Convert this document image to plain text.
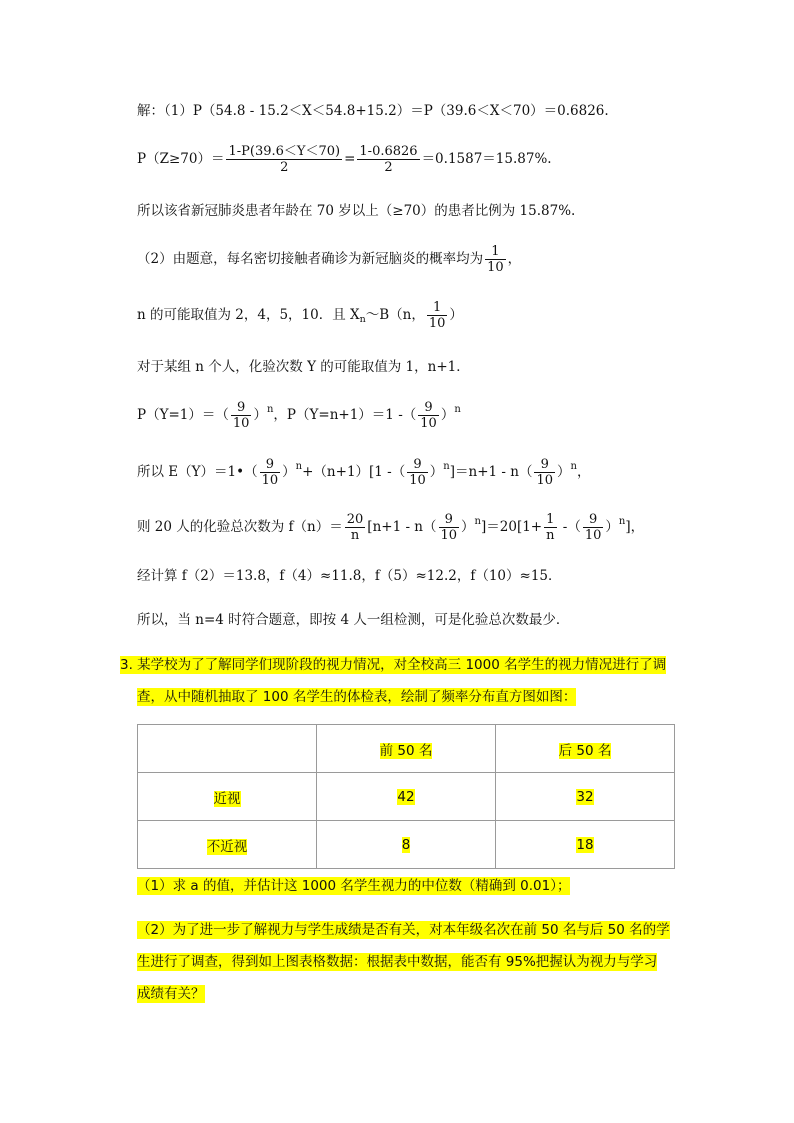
解：（1）P（54.8 - 15.2＜X＜54.8+15.2）＝P（39.6＜X＜70）＝0.6826.
$P(Z\ge 70)= \frac{1-P(39.6<Y<70)}{2} = \frac{1-0.6826}{2} =0.1587=15.87\%$.
所以该省新冠肺炎患者年龄在 70 岁以上（≥70）的患者比例为 15.87%.
（2）由题意，每名密切接触者确诊为新冠脑炎的概率均为 $\frac{1}{10}$ ，
n 的可能取值为 2，4，5，10．且 $X_n\sim B(n$， $\frac{1}{10}$ ）
对于某组 n 个人，化验次数 Y 的可能取值为 1，n+1．
$P(Y=1)=( \frac{9}{10} )^n$，P（Y=n+1）＝1 -（ $\frac{9}{10} )^n$
所以 E（Y）＝1•（ $\frac{9}{10} )^n+(n+1)[1$ -（ $\frac{9}{10} )^n]=n+1 - n( \frac{9}{10} )^n$，
则 20 人的化验总次数为 $f(n)= \frac{20}{n} [n+1 - n( \frac{9}{10} )^n]=20[1+ \frac{1}{n}$ -（ $\frac{9}{10} )^n$]，
经计算 f（2）＝13.8，f（4）≈11.8，f（5）≈12.2，f（10）≈15．
所以，当 n=4 时符合题意，即按 4 人一组检测，可是化验总次数最少．
3. 某学校为了了解同学们现阶段的视力情况，对全校高三 1000 名学生的视力情况进行了调
查，从中随机抽取了 100 名学生的体检表，绘制了频率分布直方图如图：
	前 50 名	后 50 名
近视	42	32
不近视	8	18
（1）求 a 的值，并估计这 1000 名学生视力的中位数（精确到 0.01）；
（2）为了进一步了解视力与学生成绩是否有关，对本年级名次在前 50 名与后 50 名的学
生进行了调查，得到如上图表格数据：根据表中数据，能否有 95%把握认为视力与学习
成绩有关？
